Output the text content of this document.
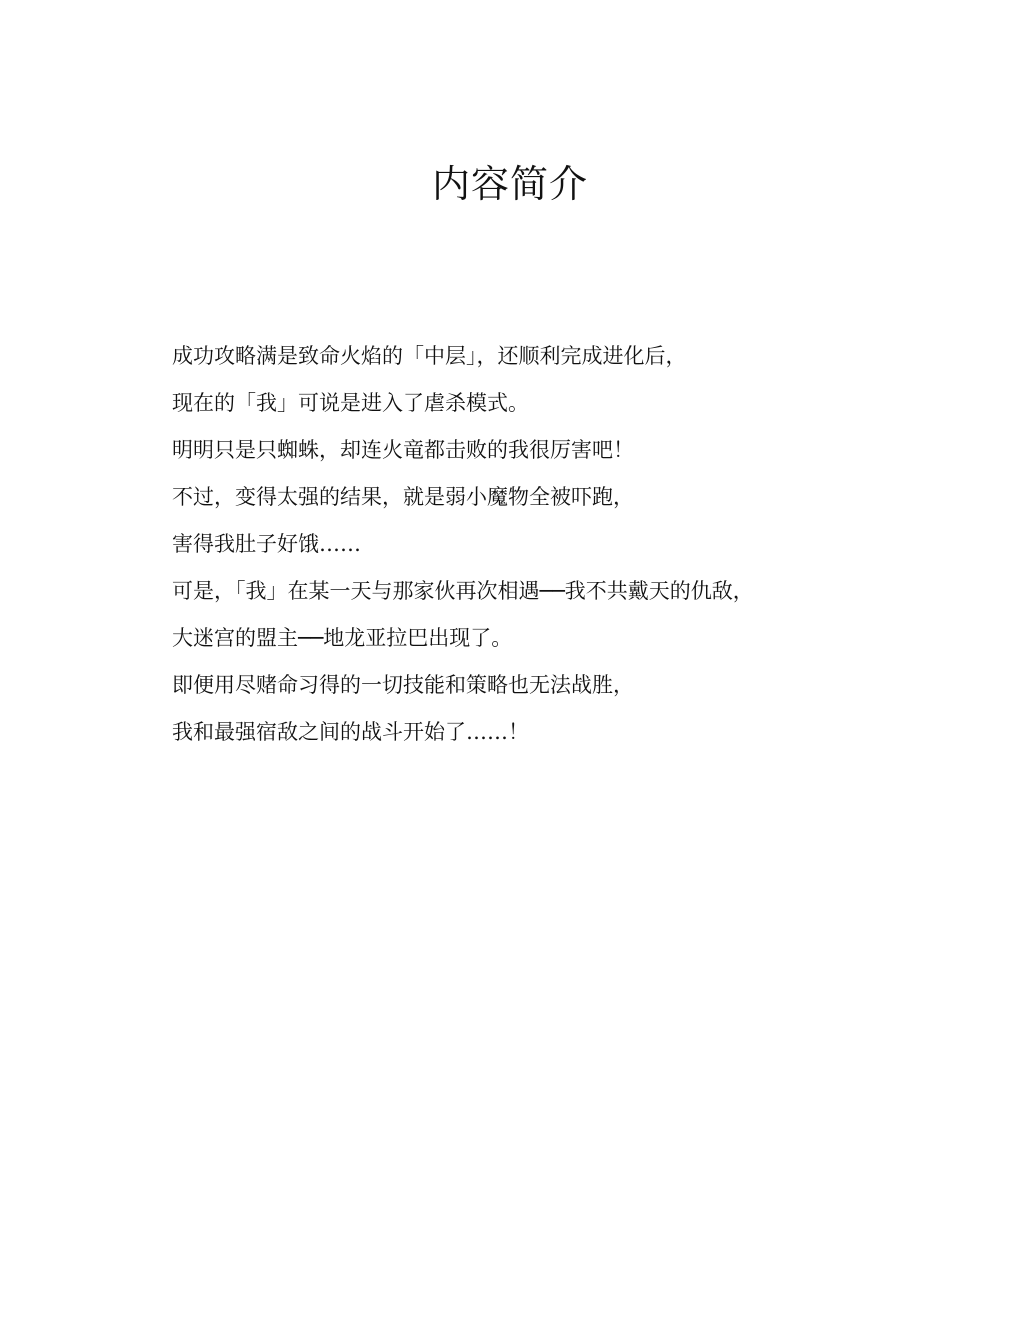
内容简介

成功攻略满是致命火焰的「中层」，还顺利完成进化后，

现在的「我」可说是进入了虐杀模式。

明明只是只蜘蛛，却连火竜都击败的我很厉害吧！

不过，变得太强的结果，就是弱小魔物全被吓跑，

害得我肚子好饿……

可是，「我」在某一天与那家伙再次相遇──我不共戴天的仇敌，

大迷宫的盟主──地龙亚拉巴出现了。

即便用尽赌命习得的一切技能和策略也无法战胜，

我和最强宿敌之间的战斗开始了……！
